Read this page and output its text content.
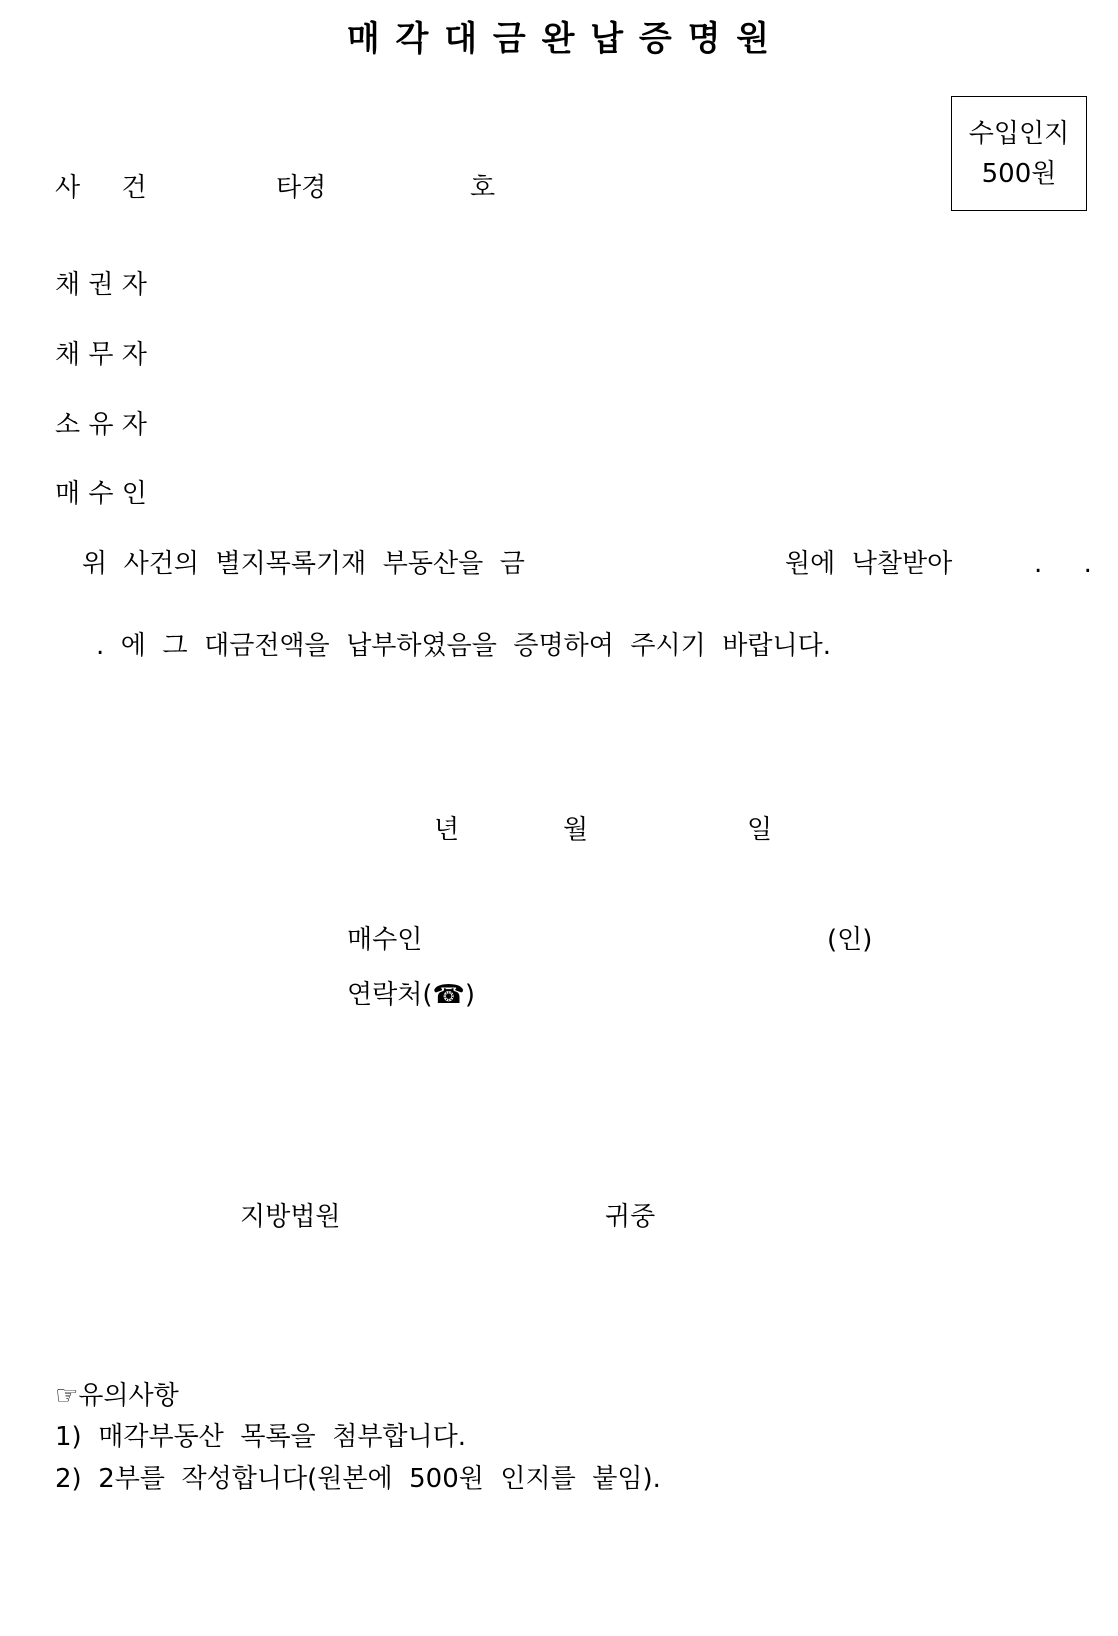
매 각 대 금 완 납 증 명 원
수입인지
500원
사     건	타경	호
채 권 자
채 무 자
소 유 자
매 수 인
위  사건의  별지목록기재  부동산을  금	원에  낙찰받아	.     .
.  에  그  대금전액을  납부하였음을  증명하여  주시기  바랍니다.
년	월	일
매수인	(인)
연락처(☎)
지방법원	귀중
☞유의사항
1)  매각부동산  목록을  첨부합니다.
2)  2부를  작성합니다(원본에  500원  인지를  붙임).
